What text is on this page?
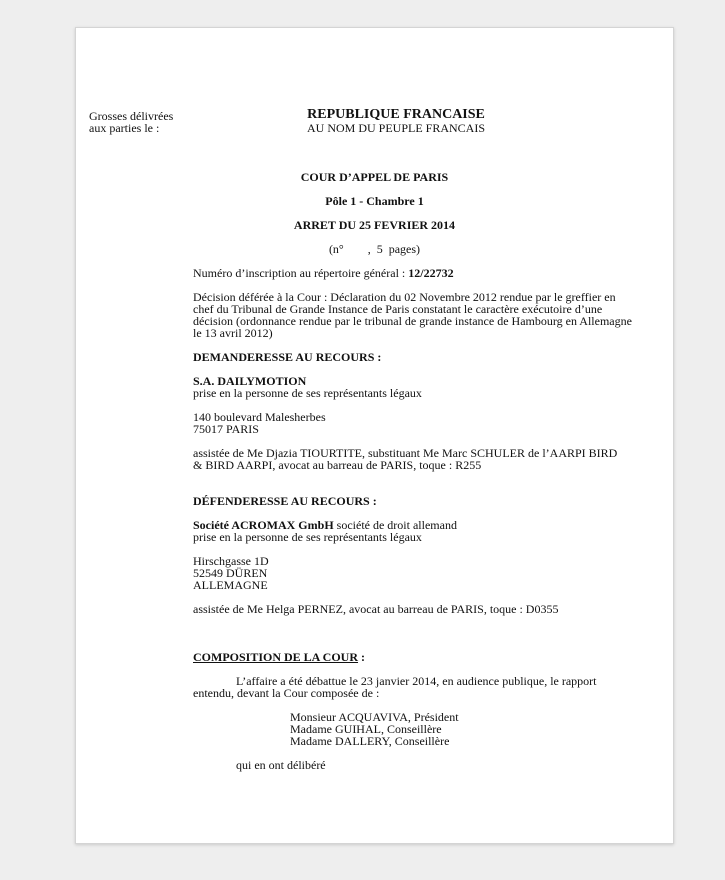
Grosses délivrées
aux parties le :
REPUBLIQUE FRANCAISE
AU NOM DU PEUPLE FRANCAIS
COUR D’APPEL DE PARIS
Pôle 1 - Chambre 1
ARRET DU 25 FEVRIER 2014
(n°        ,  5  pages)
Numéro d’inscription au répertoire général : 12/22732
Décision déférée à la Cour : Déclaration du 02 Novembre 2012 rendue par le greffier en
chef du Tribunal de Grande Instance de Paris constatant le caractère exécutoire d’une
décision (ordonnance rendue par le tribunal de grande instance de Hambourg en Allemagne
le 13 avril 2012)
DEMANDERESSE AU RECOURS :
S.A. DAILYMOTION
prise en la personne de ses représentants légaux
140 boulevard Malesherbes
75017 PARIS
assistée de Me Djazia TIOURTITE, substituant Me Marc SCHULER de l’AARPI BIRD
& BIRD AARPI, avocat au barreau de PARIS, toque : R255
DÉFENDERESSE AU RECOURS :
Société ACROMAX GmbH société de droit allemand
prise en la personne de ses représentants légaux
Hirschgasse 1D
52549 DÜREN
ALLEMAGNE
assistée de Me Helga PERNEZ, avocat au barreau de PARIS, toque : D0355
COMPOSITION DE LA COUR :
L’affaire a été débattue le 23 janvier 2014, en audience publique, le rapport
entendu, devant la Cour composée de :
Monsieur ACQUAVIVA, Président
Madame GUIHAL, Conseillère
Madame DALLERY, Conseillère
qui en ont délibéré
